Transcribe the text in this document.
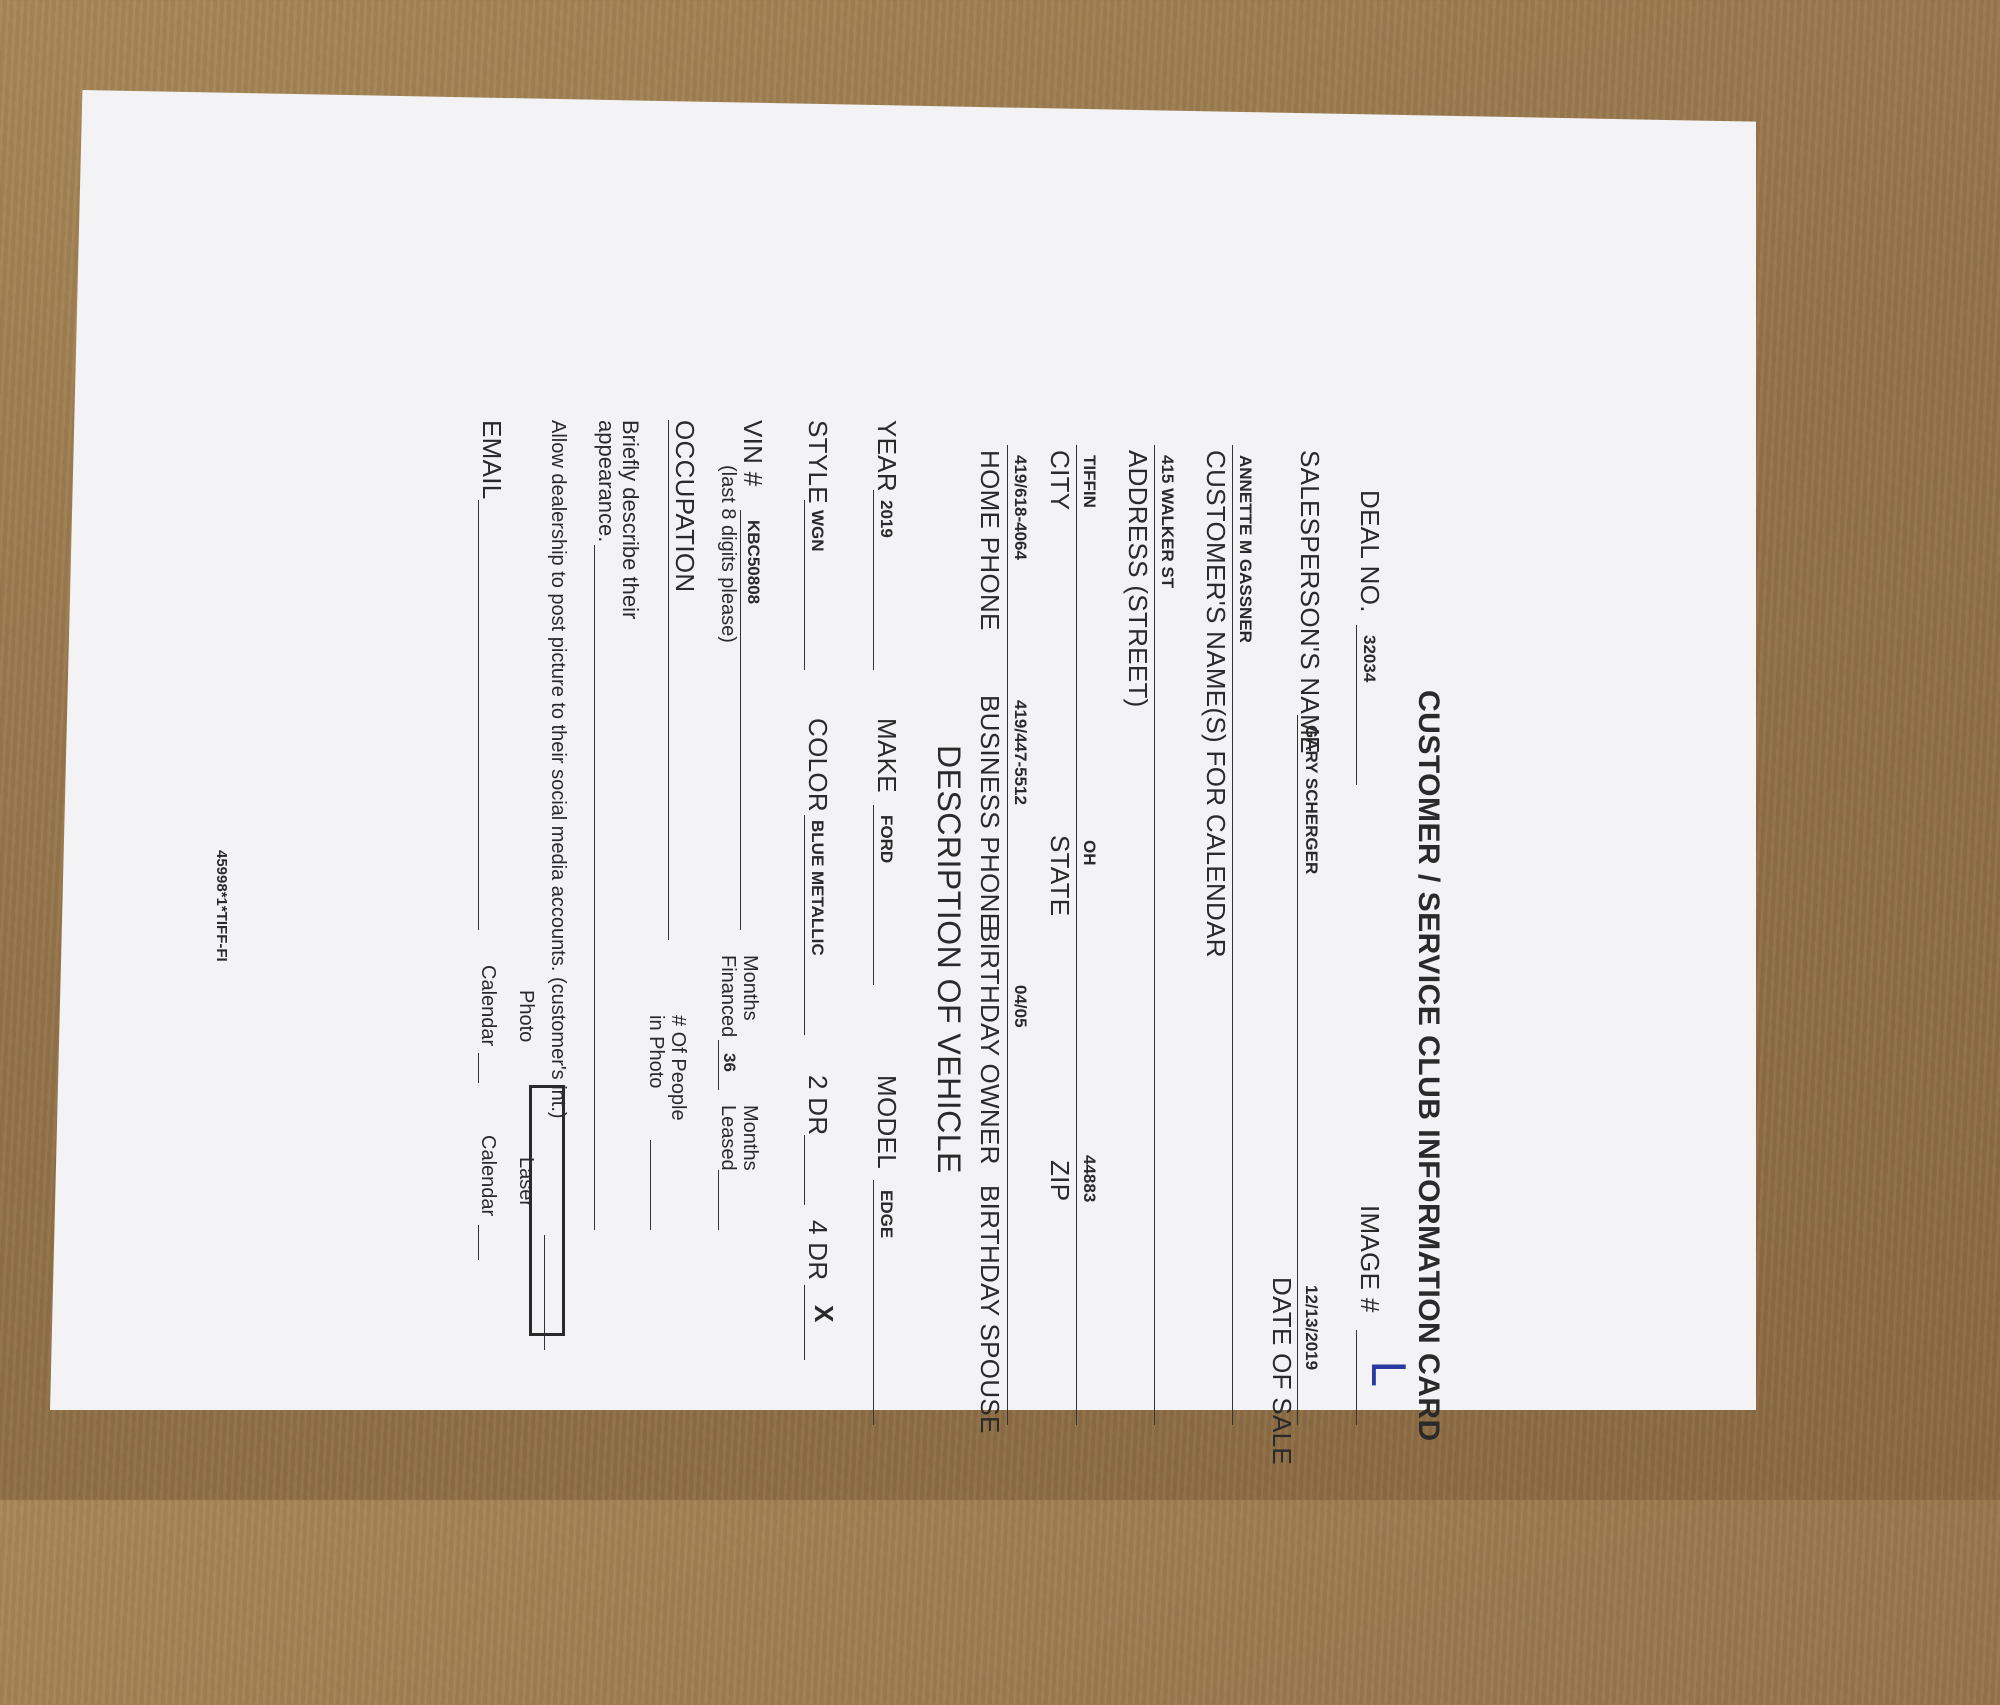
CUSTOMER / SERVICE CLUB INFORMATION CARD
DEAL NO.
32034
IMAGE #
L
SALESPERSON'S NAME
GARY SCHERGER
12/13/2019
DATE OF SALE
ANNETTE M GASSNER
CUSTOMER'S NAME(S) FOR CALENDAR
415 WALKER ST
ADDRESS (STREET)
TIFFIN
CITY
OH
STATE
44883
ZIP
419/618-4064
HOME PHONE
419/447-5512
BUSINESS PHONE
04/05
BIRTHDAY OWNER
BIRTHDAY SPOUSE
DESCRIPTION OF VEHICLE
YEAR
2019
MAKE
FORD
MODEL
EDGE
STYLE
WGN
COLOR
BLUE METALLIC
2 DR
4 DR
X
VIN #
KBC50808
(last 8 digits please)
Months
Financed
36
Months
Leased
OCCUPATION
# Of People
in Photo
Briefly describe their
appearance.
Allow dealership to post picture to their social media accounts. (customer's int.)
EMAIL
Photo
Calendar
Laser
Calendar
45998*1*TIFF-FI
